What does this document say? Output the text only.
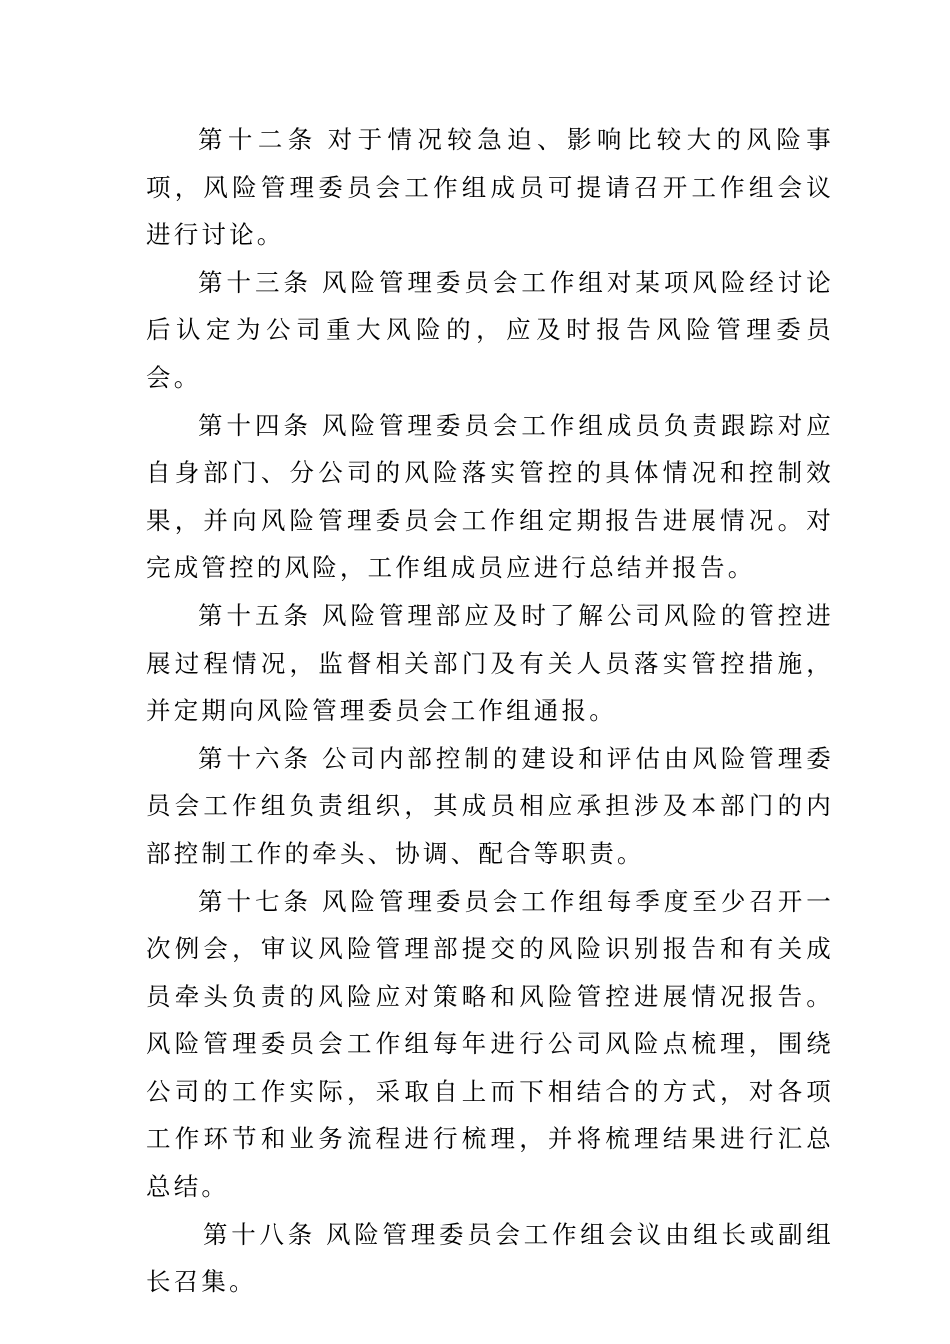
第十二条 对于情况较急迫、影响比较大的风险事项，风险管理委员会工作组成员可提请召开工作组会议进行讨论。

第十三条 风险管理委员会工作组对某项风险经讨论后认定为公司重大风险的，应及时报告风险管理委员会。

第十四条 风险管理委员会工作组成员负责跟踪对应自身部门、分公司的风险落实管控的具体情况和控制效果，并向风险管理委员会工作组定期报告进展情况。对完成管控的风险，工作组成员应进行总结并报告。

第十五条 风险管理部应及时了解公司风险的管控进展过程情况，监督相关部门及有关人员落实管控措施，并定期向风险管理委员会工作组通报。

第十六条 公司内部控制的建设和评估由风险管理委员会工作组负责组织，其成员相应承担涉及本部门的内部控制工作的牵头、协调、配合等职责。

第十七条 风险管理委员会工作组每季度至少召开一次例会，审议风险管理部提交的风险识别报告和有关成员牵头负责的风险应对策略和风险管控进展情况报告。风险管理委员会工作组每年进行公司风险点梳理，围绕公司的工作实际，采取自上而下相结合的方式，对各项工作环节和业务流程进行梳理，并将梳理结果进行汇总总结。

第十八条 风险管理委员会工作组会议由组长或副组长召集。
